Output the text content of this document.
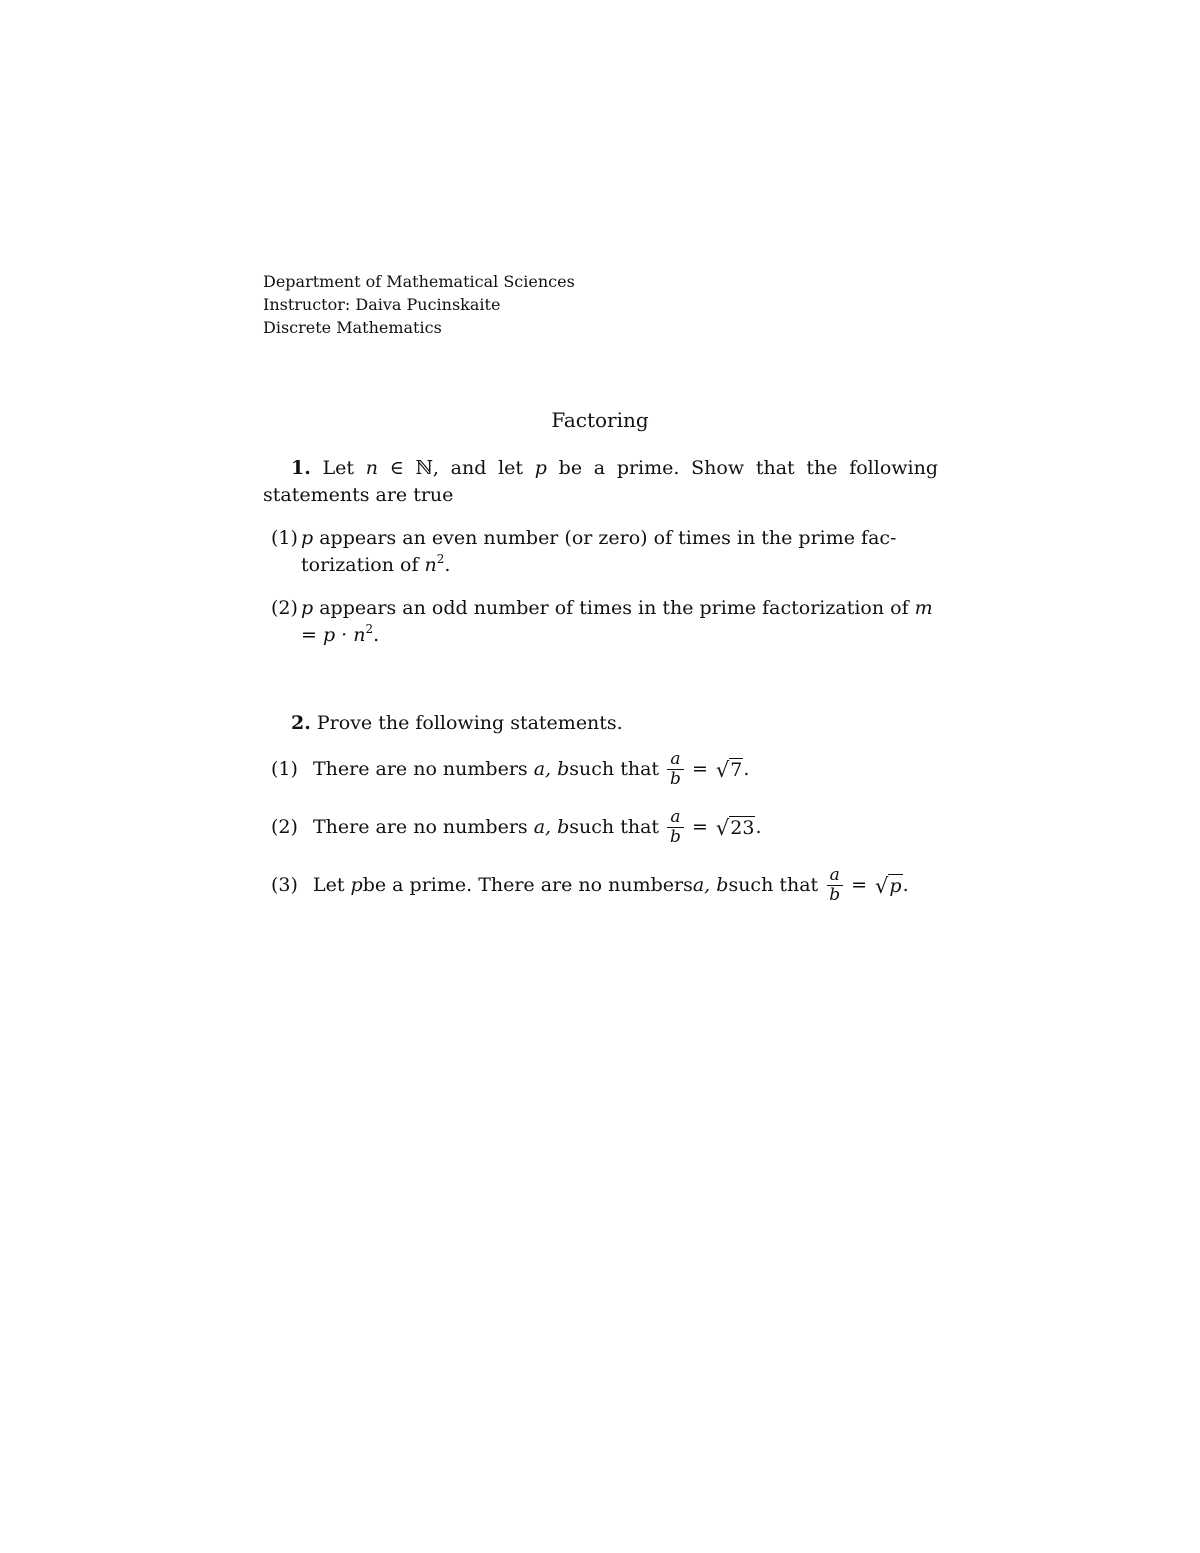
Department of Mathematical Sciences
Instructor: Daiva Pucinskaite
Discrete Mathematics
Factoring
1. Let n ∈ ℕ, and let p be a prime. Show that the following statements are true
(1) p appears an even number (or zero) of times in the prime fac-torization of $n^2$.
(2) p appears an odd number of times in the prime factorization of $m = p \cdot n^2$.
2. Prove the following statements.
(1) There are no numbers
a, b such that $\frac{a}{b}$ = √ 7 .
(2) There are no numbers
a, b such that $\frac{a}{b}$ = √ 23 .
(3) Let
p be a prime. There are no numbers a, b such that $\frac{a}{b}$ = √ p .
